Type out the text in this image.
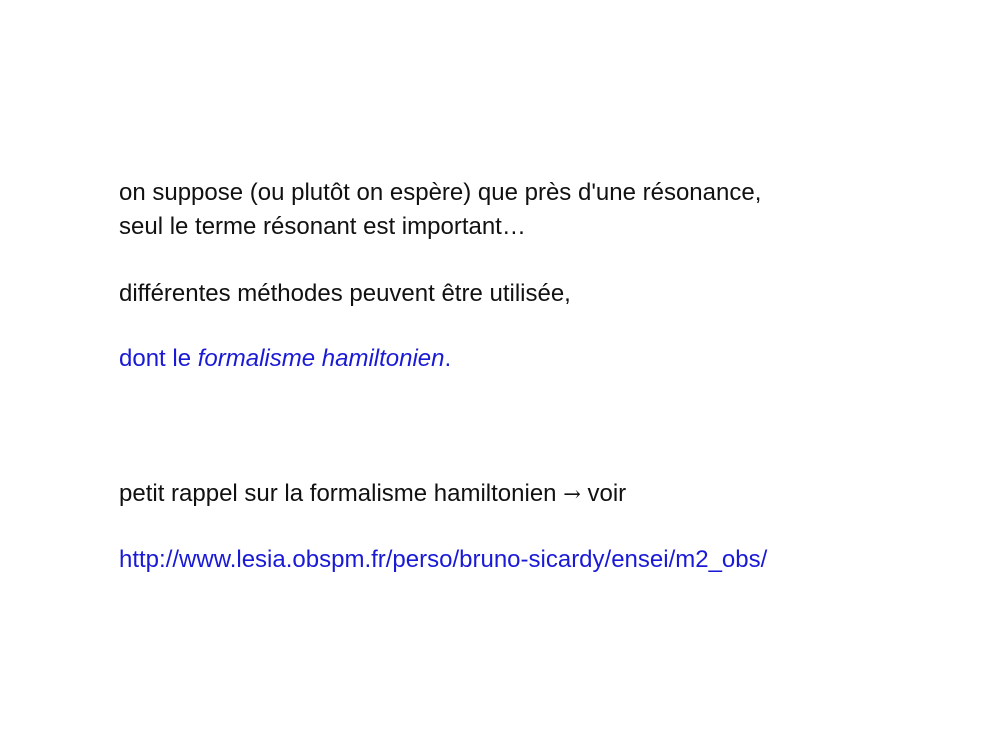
on suppose (ou plutôt on espère) que près d'une résonance,
seul le terme résonant est important…
différentes méthodes peuvent être utilisée,
dont le formalisme hamiltonien.
petit rappel sur la formalisme hamiltonien → voir
http://www.lesia.obspm.fr/perso/bruno-sicardy/ensei/m2_obs/
